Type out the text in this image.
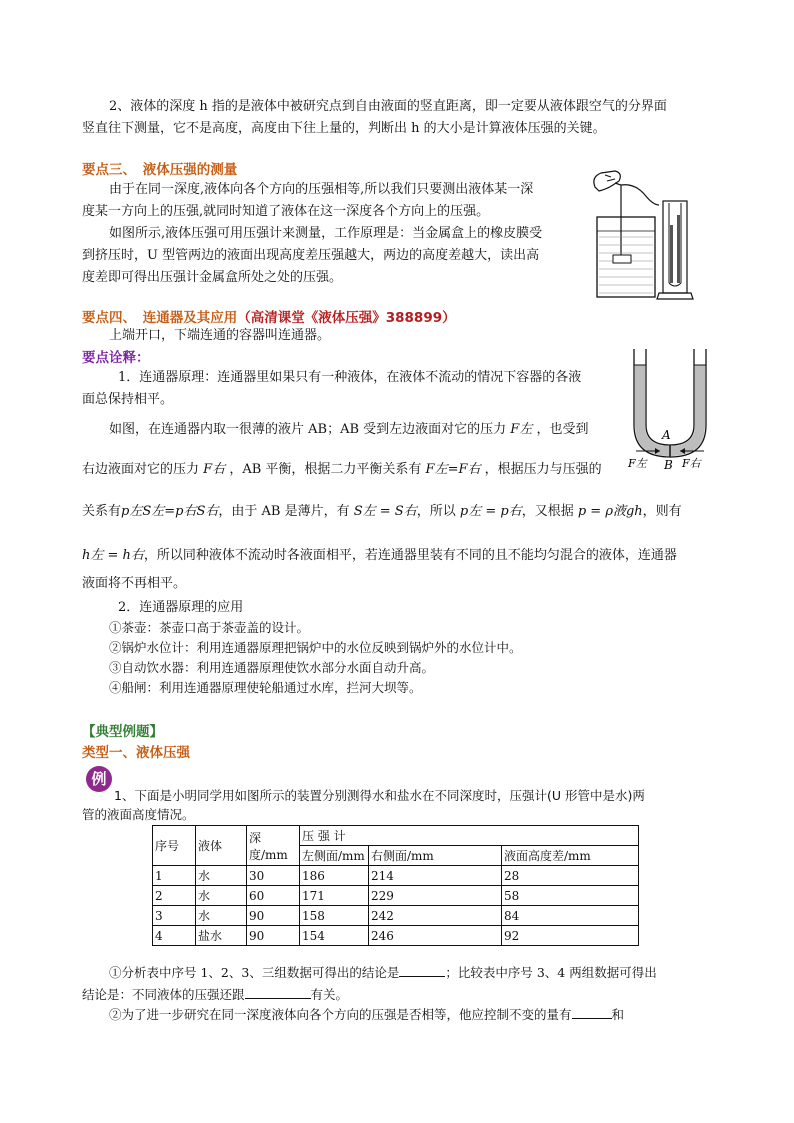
2、液体的深度 h 指的是液体中被研究点到自由液面的竖直距离，即一定要从液体跟空气的分界面
竖直往下测量，它不是高度，高度由下往上量的，判断出 h 的大小是计算液体压强的关键。
要点三、　液体压强的测量
由于在同一深度,液体向各个方向的压强相等,所以我们只要测出液体某一深
度某一方向上的压强,就同时知道了液体在这一深度各个方向上的压强。
如图所示,液体压强可用压强计来测量，工作原理是：当金属盒上的橡皮膜受
到挤压时，U 型管两边的液面出现高度差压强越大，两边的高度差越大，读出高
度差即可得出压强计金属盒所处之处的压强。
要点四、　连通器及其应用（高清课堂《液体压强》388899）
上端开口，下端连通的容器叫连通器。
要点诠释：
1．连通器原理：连通器里如果只有一种液体，在液体不流动的情况下容器的各液
面总保持相平。
如图，在连通器内取一很薄的液片 AB；AB 受到左边液面对它的压力 F左 ，也受到
右边液面对它的压力 F右 ，AB 平衡，根据二力平衡关系有 F左=F右 ，根据压力与压强的
关系有p左S左=p右S右，由于 AB 是薄片，有 S左 = S右，所以 p左 = p右，又根据 p = ρ液gh，则有
h左 = h右，所以同种液体不流动时各液面相平，若连通器里装有不同的且不能均匀混合的液体，连通器
液面将不再相平。
A
B
F左	F右
2．连通器原理的应用
①茶壶：茶壶口高于茶壶盖的设计。
②锅炉水位计：利用连通器原理把锅炉中的水位反映到锅炉外的水位计中。
③自动饮水器：利用连通器原理使饮水部分水面自动升高。
④船闸：利用连通器原理使轮船通过水库，拦河大坝等。
【典型例题】
类型一、液体压强
例
1、下面是小明同学用如图所示的装置分别测得水和盐水在不同深度时，压强计(U 形管中是水)两
管的液面高度情况。
序号	液体	深度/mm	压 强 计		
			左侧面/mm	右侧面/mm	液面高度差/mm
1	水	30	186	214	28
2	水	60	171	229	58
3	水	90	158	242	84
4	盐水	90	154	246	92
①分析表中序号 1、2、3、三组数据可得出的结论是	；比较表中序号 3、4 两组数据可得出
结论是：不同液体的压强还跟	有关。
②为了进一步研究在同一深度液体向各个方向的压强是否相等，他应控制不变的量有	和
